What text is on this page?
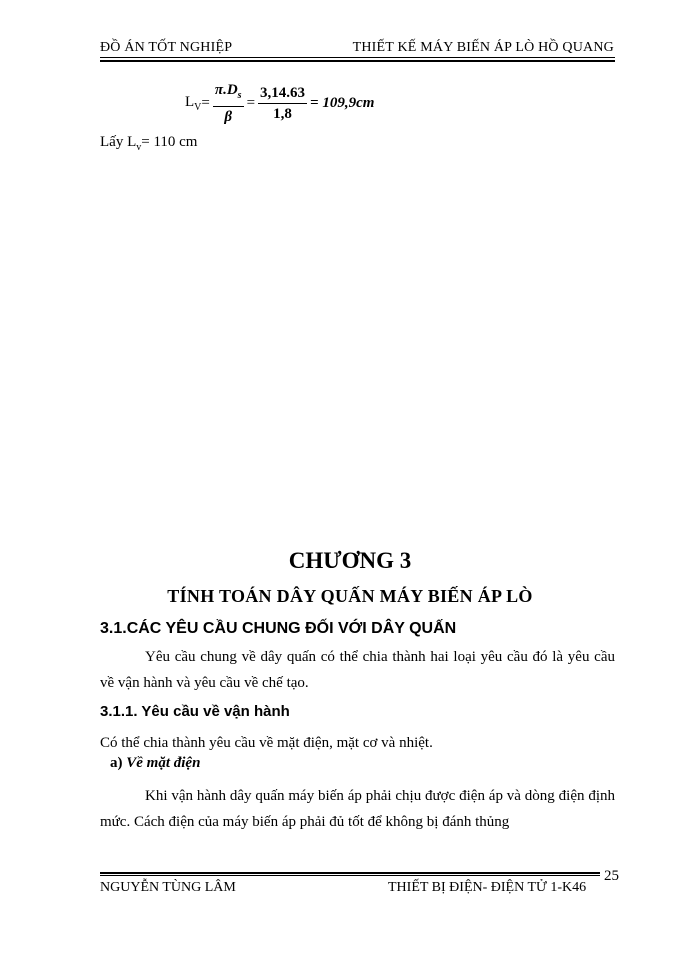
ĐỒ ÁN TỐT NGHIỆP	THIẾT KẾ MÁY BIẾN ÁP LÒ HỒ QUANG
$L_V = \frac{\pi.D_s}{\beta} = \frac{3,14.63}{1,8} = 109,9cm$
Lấy $L_v= 110$ cm
CHƯƠNG 3
TÍNH TOÁN DÂY QUẤN MÁY BIẾN ÁP LÒ
3.1.CÁC YÊU CẦU CHUNG ĐỐI VỚI DÂY QUẤN
Yêu cầu chung về dây quấn có thể chia thành hai loại yêu cầu đó là yêu cầu về vận hành và yêu cầu về chế tạo.
3.1.1. Yêu cầu về vận hành
Có thể chia thành yêu cầu về mặt điện, mặt cơ và nhiệt.
a) Về mặt điện
Khi vận hành dây quấn máy biến áp phải chịu được điện áp và dòng điện định mức. Cách điện của máy biến áp phải đủ tốt để không bị đánh thủng
NGUYỄN TÙNG LÂM	THIẾT BỊ ĐIỆN- ĐIỆN TỬ 1-K46
25
